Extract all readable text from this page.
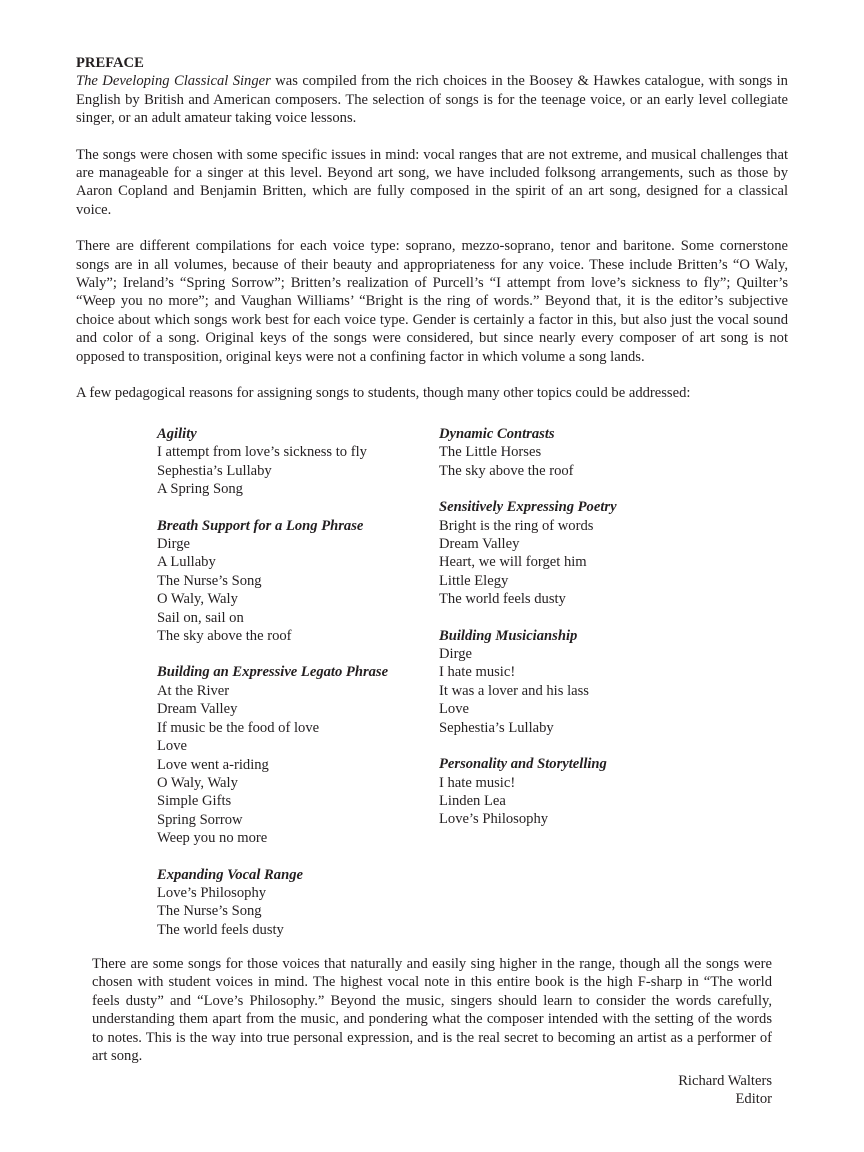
PREFACE

The Developing Classical Singer was compiled from the rich choices in the Boosey & Hawkes catalogue, with songs in English by British and American composers. The selection of songs is for the teenage voice, or an early level collegiate singer, or an adult amateur taking voice lessons.

The songs were chosen with some specific issues in mind: vocal ranges that are not extreme, and musical challenges that are manageable for a singer at this level. Beyond art song, we have included folksong arrangements, such as those by Aaron Copland and Benjamin Britten, which are fully composed in the spirit of an art song, designed for a classical voice.

There are different compilations for each voice type: soprano, mezzo-soprano, tenor and baritone. Some cornerstone songs are in all volumes, because of their beauty and appropriateness for any voice. These include Britten’s “O Waly, Waly”; Ireland’s “Spring Sorrow”; Britten’s realization of Purcell’s “I attempt from love’s sickness to fly”; Quilter’s “Weep you no more”; and Vaughan Williams’ “Bright is the ring of words.” Beyond that, it is the editor’s subjective choice about which songs work best for each voice type. Gender is certainly a factor in this, but also just the vocal sound and color of a song. Original keys of the songs were considered, but since nearly every composer of art song is not opposed to transposition, original keys were not a confining factor in which volume a song lands.

A few pedagogical reasons for assigning songs to students, though many other topics could be addressed:

Agility
I attempt from love’s sickness to fly
Sephestia’s Lullaby
A Spring Song
Breath Support for a Long Phrase
Dirge
A Lullaby
The Nurse’s Song
O Waly, Waly
Sail on, sail on
The sky above the roof
Building an Expressive Legato Phrase
At the River
Dream Valley
If music be the food of love
Love
Love went a-riding
O Waly, Waly
Simple Gifts
Spring Sorrow
Weep you no more
Expanding Vocal Range
Love’s Philosophy
The Nurse’s Song
The world feels dusty
Dynamic Contrasts
The Little Horses
The sky above the roof
Sensitively Expressing Poetry
Bright is the ring of words
Dream Valley
Heart, we will forget him
Little Elegy
The world feels dusty
Building Musicianship
Dirge
I hate music!
It was a lover and his lass
Love
Sephestia’s Lullaby
Personality and Storytelling
I hate music!
Linden Lea
Love’s Philosophy

There are some songs for those voices that naturally and easily sing higher in the range, though all the songs were chosen with student voices in mind. The highest vocal note in this entire book is the high F-sharp in “The world feels dusty” and “Love’s Philosophy.” Beyond the music, singers should learn to consider the words carefully, understanding them apart from the music, and pondering what the composer intended with the setting of the words to notes. This is the way into true personal expression, and is the real secret to becoming an artist as a performer of art song.

Richard Walters
Editor
